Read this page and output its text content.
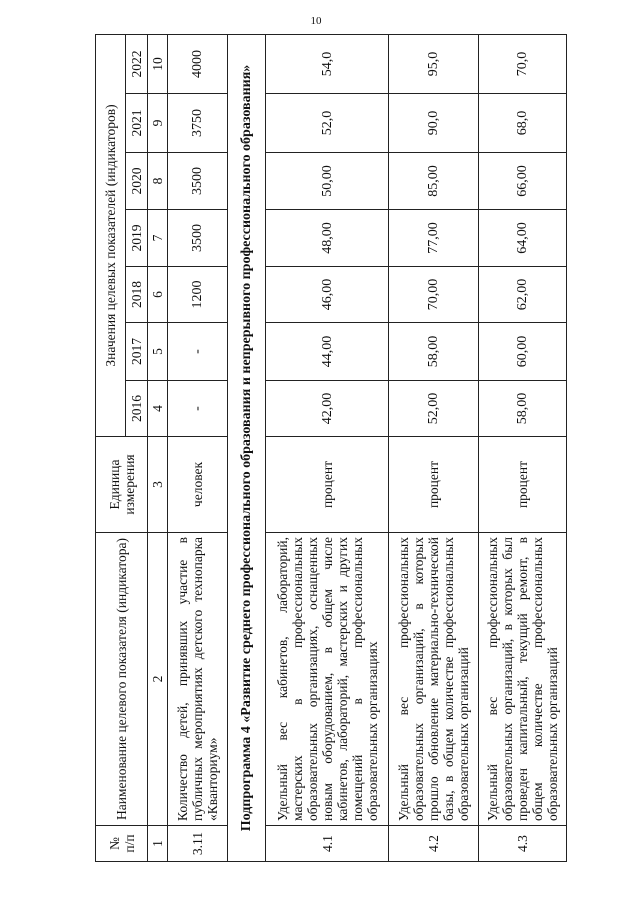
10
№ п/п	Наименование целевого показателя (индикатора)	Единица измерения	Значения целевых показателей (индикаторов)						
			2016	2017	2018	2019	2020	2021	2022
1	2	3	4	5	6	7	8	9	10
3.11	Количество детей, принявших участие в публичных мероприятиях детского технопарка «Кванториум»	человек	-	-	1200	3500	3500	3750	4000
Подпрограмма 4 «Развитие среднего профессионального образования и непрерывного профессионального образования»									
4.1	Удельный вес кабинетов, лабораторий, мастерских в профессиональных образовательных организациях, оснащенных новым оборудованием, в общем числе кабинетов, лабораторий, мастерских и других помещений в профессиональных образовательных организациях	процент	42,00	44,00	46,00	48,00	50,00	52,0	54,0
4.2	Удельный вес профессиональных образовательных организаций, в которых прошло обновление материально-технической базы, в общем количестве профессиональных образовательных организаций	процент	52,00	58,00	70,00	77,00	85,00	90,0	95,0
4.3	Удельный вес профессиональных образовательных организаций, в которых был проведен капитальный, текущий ремонт, в общем количестве профессиональных образовательных организаций	процент	58,00	60,00	62,00	64,00	66,00	68,0	70,0
